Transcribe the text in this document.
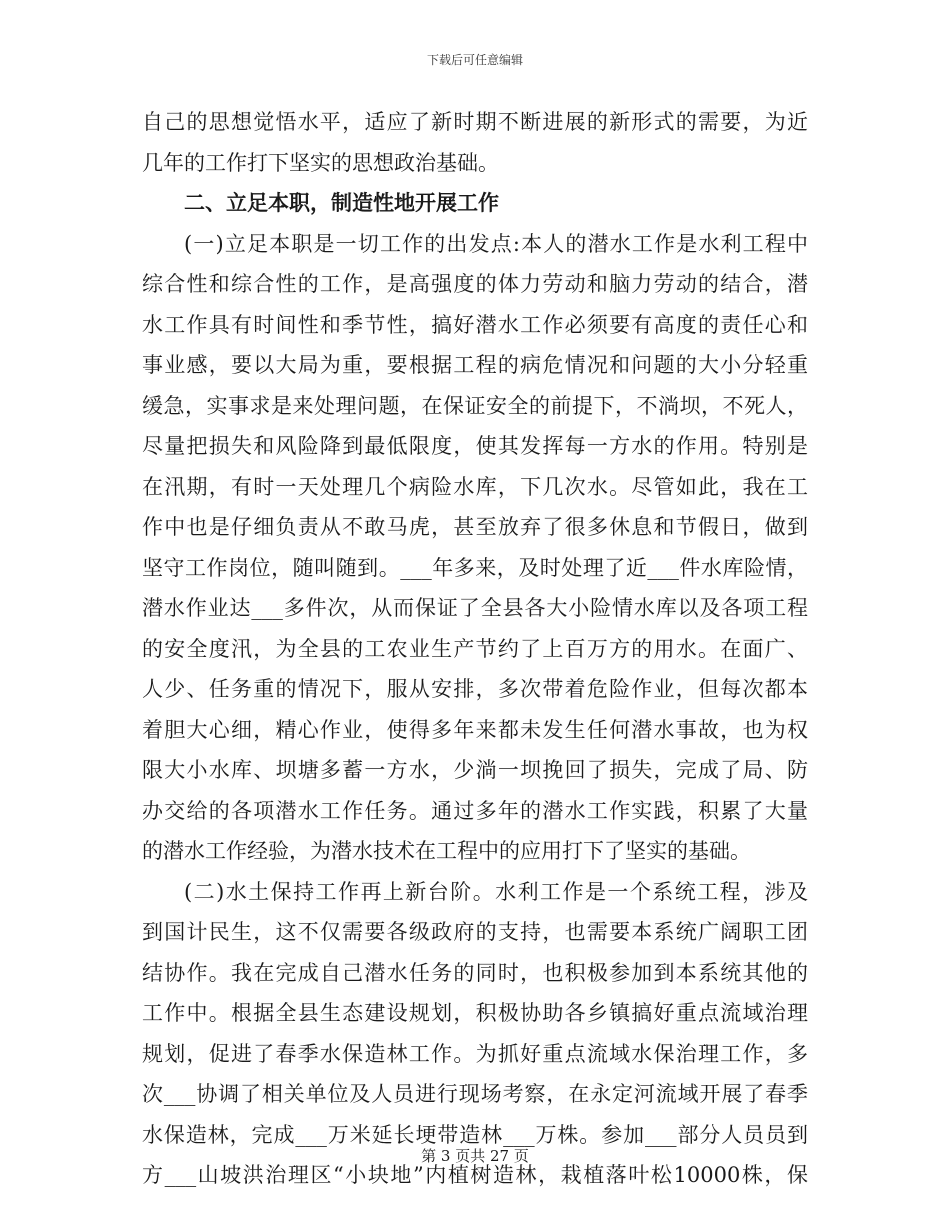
下载后可任意编辑
自己的思想觉悟水平，适应了新时期不断进展的新形式的需要，为近
几年的工作打下坚实的思想政治基础。
二、立足本职，制造性地开展工作
(一)立足本职是一切工作的出发点:本人的潜水工作是水利工程中
综合性和综合性的工作，是高强度的体力劳动和脑力劳动的结合，潜
水工作具有时间性和季节性，搞好潜水工作必须要有高度的责任心和
事业感，要以大局为重，要根据工程的病危情况和问题的大小分轻重
缓急，实事求是来处理问题，在保证安全的前提下，不淌坝，不死人，
尽量把损失和风险降到最低限度，使其发挥每一方水的作用。特别是
在汛期，有时一天处理几个病险水库，下几次水。尽管如此，我在工
作中也是仔细负责从不敢马虎，甚至放弃了很多休息和节假日，做到
坚守工作岗位，随叫随到。___年多来，及时处理了近___件水库险情，
潜水作业达___多件次，从而保证了全县各大小险情水库以及各项工程
的安全度汛，为全县的工农业生产节约了上百万方的用水。在面广、
人少、任务重的情况下，服从安排，多次带着危险作业，但每次都本
着胆大心细，精心作业，使得多年来都未发生任何潜水事故，也为权
限大小水库、坝塘多蓄一方水，少淌一坝挽回了损失，完成了局、防
办交给的各项潜水工作任务。通过多年的潜水工作实践，积累了大量
的潜水工作经验，为潜水技术在工程中的应用打下了坚实的基础。
(二)水土保持工作再上新台阶。水利工作是一个系统工程，涉及
到国计民生，这不仅需要各级政府的支持，也需要本系统广阔职工团
结协作。我在完成自己潜水任务的同时，也积极参加到本系统其他的
工作中。根据全县生态建设规划，积极协助各乡镇搞好重点流域治理
规划，促进了春季水保造林工作。为抓好重点流域水保治理工作，多
次___协调了相关单位及人员进行现场考察，在永定河流域开展了春季
水保造林，完成___万米延长埂带造林___万株。参加___部分人员员到
方___山坡洪治理区“小块地”内植树造林，栽植落叶松10000株，保
第 3 页共 27 页
